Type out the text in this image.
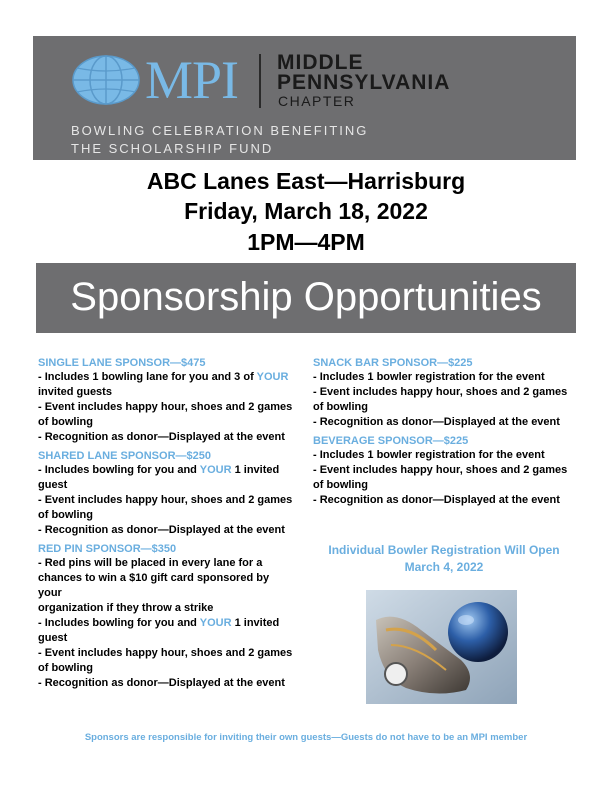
MPI MIDDLE
PENNSYLVANIA
CHAPTER
BOWLING CELEBRATION BENEFITING
THE SCHOLARSHIP FUND
ABC Lanes East—Harrisburg
Friday, March 18, 2022
1PM—4PM
Sponsorship Opportunities
SINGLE LANE SPONSOR—$475
- Includes 1 bowling lane for you and 3 of YOUR
invited guests
- Event includes happy hour, shoes and 2 games
of bowling
- Recognition as donor—Displayed at the event
SHARED LANE SPONSOR—$250
- Includes bowling for you and YOUR 1 invited
guest
- Event includes happy hour, shoes and 2 games
of bowling
- Recognition as donor—Displayed at the event
RED PIN SPONSOR—$350
- Red pins will be placed in every lane for a
chances to win a $10 gift card sponsored by
your
organization if they throw a strike
- Includes bowling for you and YOUR 1 invited
guest
- Event includes happy hour, shoes and 2 games
of bowling
- Recognition as donor—Displayed at the event
SNACK BAR SPONSOR—$225
- Includes 1 bowler registration for the event
- Event includes happy hour, shoes and 2 games
of bowling
- Recognition as donor—Displayed at the event
BEVERAGE SPONSOR—$225
- Includes 1 bowler registration for the event
- Event includes happy hour, shoes and 2 games
of bowling
- Recognition as donor—Displayed at the event
Individual Bowler Registration Will Open
March 4, 2022
Sponsors are responsible for inviting their own guests—Guests do not have to be an MPI member
